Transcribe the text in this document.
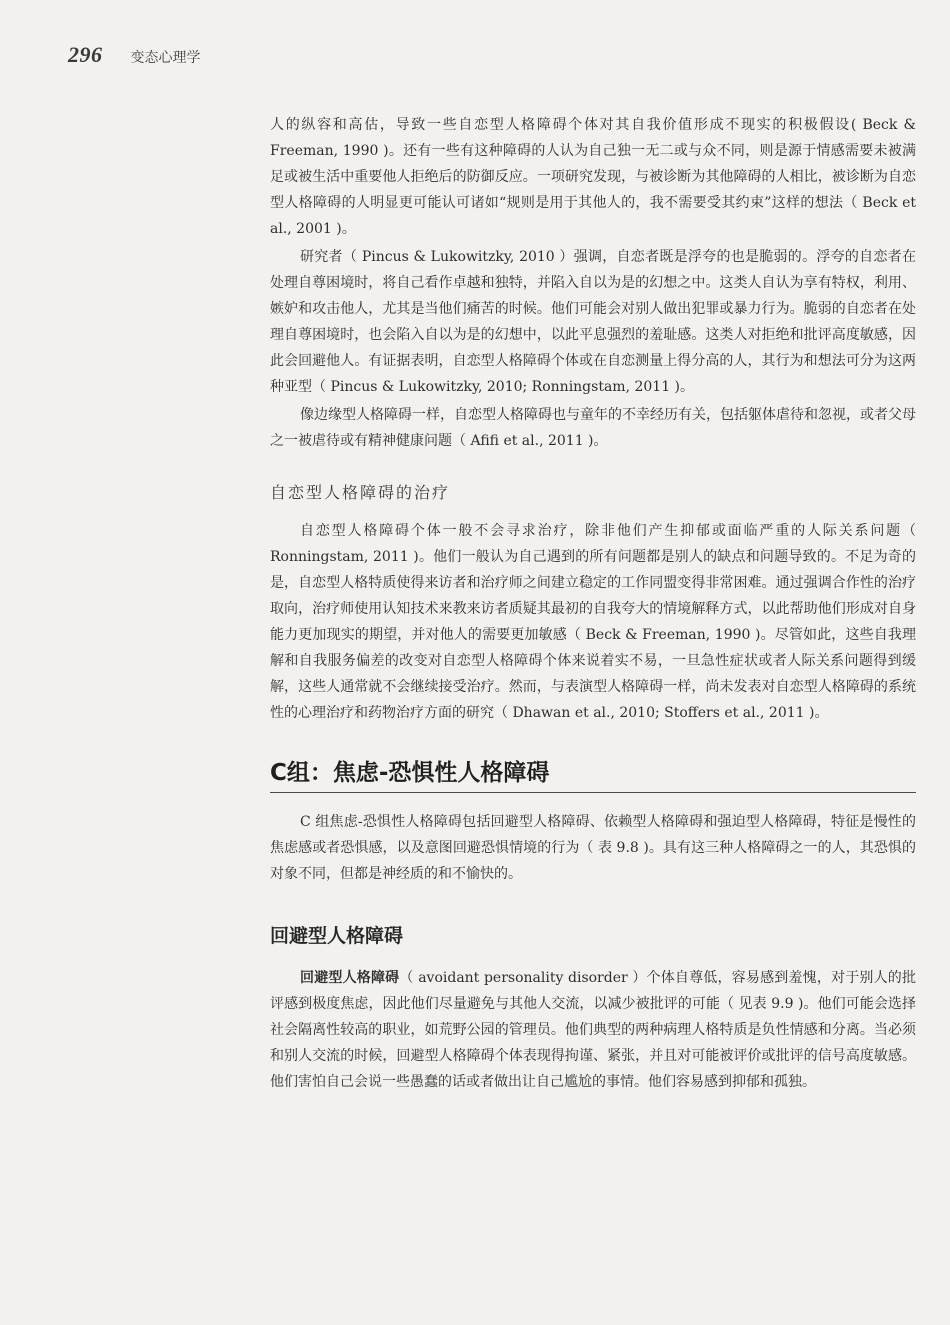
296 变态心理学

人的纵容和高估，导致一些自恋型人格障碍个体对其自我价值形成不现实的积极假设( Beck & Freeman, 1990 )。还有一些有这种障碍的人认为自己独一无二或与众不同，则是源于情感需要未被满足或被生活中重要他人拒绝后的防御反应。一项研究发现，与被诊断为其他障碍的人相比，被诊断为自恋型人格障碍的人明显更可能认可诸如“规则是用于其他人的，我不需要受其约束”这样的想法（ Beck et al., 2001 )。

研究者（ Pincus & Lukowitzky, 2010 ）强调，自恋者既是浮夸的也是脆弱的。浮夸的自恋者在处理自尊困境时，将自己看作卓越和独特，并陷入自以为是的幻想之中。这类人自认为享有特权，利用、嫉妒和攻击他人，尤其是当他们痛苦的时候。他们可能会对别人做出犯罪或暴力行为。脆弱的自恋者在处理自尊困境时，也会陷入自以为是的幻想中，以此平息强烈的羞耻感。这类人对拒绝和批评高度敏感，因此会回避他人。有证据表明，自恋型人格障碍个体或在自恋测量上得分高的人，其行为和想法可分为这两种亚型（ Pincus & Lukowitzky, 2010; Ronningstam, 2011 )。

像边缘型人格障碍一样，自恋型人格障碍也与童年的不幸经历有关，包括躯体虐待和忽视，或者父母之一被虐待或有精神健康问题（ Afifi et al., 2011 )。

自恋型人格障碍的治疗

自恋型人格障碍个体一般不会寻求治疗，除非他们产生抑郁或面临严重的人际关系问题（ Ronningstam, 2011 )。他们一般认为自己遇到的所有问题都是别人的缺点和问题导致的。不足为奇的是，自恋型人格特质使得来访者和治疗师之间建立稳定的工作同盟变得非常困难。通过强调合作性的治疗取向，治疗师使用认知技术来教来访者质疑其最初的自我夸大的情境解释方式，以此帮助他们形成对自身能力更加现实的期望，并对他人的需要更加敏感（ Beck & Freeman, 1990 )。尽管如此，这些自我理解和自我服务偏差的改变对自恋型人格障碍个体来说着实不易，一旦急性症状或者人际关系问题得到缓解，这些人通常就不会继续接受治疗。然而，与表演型人格障碍一样，尚未发表对自恋型人格障碍的系统性的心理治疗和药物治疗方面的研究（ Dhawan et al., 2010; Stoffers et al., 2011 )。

C组：焦虑-恐惧性人格障碍

C 组焦虑-恐惧性人格障碍包括回避型人格障碍、依赖型人格障碍和强迫型人格障碍，特征是慢性的焦虑感或者恐惧感，以及意图回避恐惧情境的行为（ 表 9.8 )。具有这三种人格障碍之一的人，其恐惧的对象不同，但都是神经质的和不愉快的。

回避型人格障碍

回避型人格障碍（ avoidant personality disorder ）个体自尊低，容易感到羞愧，对于别人的批评感到极度焦虑，因此他们尽量避免与其他人交流，以减少被批评的可能（ 见表 9.9 )。他们可能会选择社会隔离性较高的职业，如荒野公园的管理员。他们典型的两种病理人格特质是负性情感和分离。当必须和别人交流的时候，回避型人格障碍个体表现得拘谨、紧张，并且对可能被评价或批评的信号高度敏感。他们害怕自己会说一些愚蠢的话或者做出让自己尴尬的事情。他们容易感到抑郁和孤独。
